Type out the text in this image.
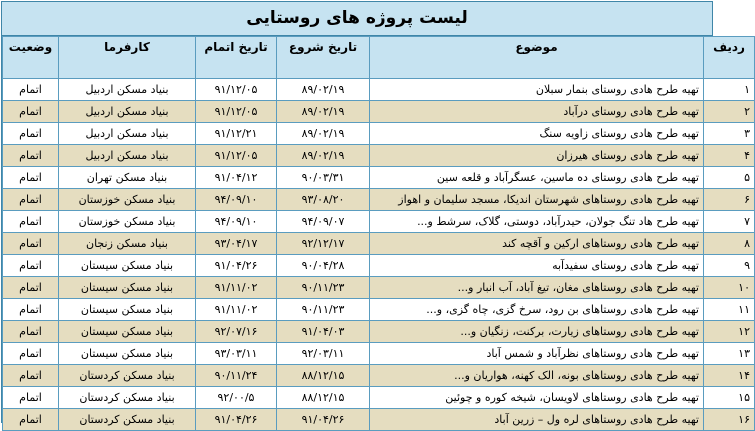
لیست پروژه های روستایی
ردیف	موضوع	تاریخ شروع	تاریخ اتمام	کارفرما	وضعیت
۱	تهیه طرح هادی روستای بنمار سبلان	۸۹/۰۲/۱۹	۹۱/۱۲/۰۵	بنیاد مسکن اردبیل	اتمام
۲	تهیه طرح هادی روستای درآباد	۸۹/۰۲/۱۹	۹۱/۱۲/۰۵	بنیاد مسکن اردبیل	اتمام
۳	تهیه طرح هادی روستای زاویه سنگ	۸۹/۰۲/۱۹	۹۱/۱۲/۲۱	بنیاد مسکن اردبیل	اتمام
۴	تهیه طرح هادی روستای هیرزان	۸۹/۰۲/۱۹	۹۱/۱۲/۰۵	بنیاد مسکن اردبیل	اتمام
۵	تهیه طرح هادی روستای ده ماسین، عسگرآباد و قلعه سین	۹۰/۰۳/۳۱	۹۱/۰۴/۱۲	بنیاد مسکن تهران	اتمام
۶	تهیه طرح هادی روستاهای شهرستان اندیکا، مسجد سلیمان و اهواز	۹۳/۰۸/۲۰	۹۴/۰۹/۱۰	بنیاد مسکن خوزستان	اتمام
۷	تهیه طرح هاد تنگ جولان، حیدرآباد، دوستی، گلاک، سرشط و...	۹۴/۰۹/۰۷	۹۴/۰۹/۱۰	بنیاد مسکن خوزستان	اتمام
۸	تهیه طرح هادی روستاهای ارکین و آقچه کند	۹۲/۱۲/۱۷	۹۳/۰۴/۱۷	بنیاد مسکن زنجان	اتمام
۹	تهیه طرح هادی روستای سفیدآبه	۹۰/۰۴/۲۸	۹۱/۰۴/۲۶	بنیاد مسکن سیستان	اتمام
۱۰	تهیه طرح هادی روستاهای مغان، تیغ آباد، آب انبار و...	۹۰/۱۱/۲۳	۹۱/۱۱/۰۲	بنیاد مسکن سیستان	اتمام
۱۱	تهیه طرح هادی روستاهای بن رود، سرخ گزی، چاه گزی، و...	۹۰/۱۱/۲۳	۹۱/۱۱/۰۲	بنیاد مسکن سیستان	اتمام
۱۲	تهیه طرح هادی روستاهای زیارت، برکنت، زنگیان و...	۹۱/۰۴/۰۳	۹۲/۰۷/۱۶	بنیاد مسکن سیستان	اتمام
۱۳	تهیه طرح هادی روستاهای نظرآباد و شمس آباد	۹۲/۰۳/۱۱	۹۳/۰۳/۱۱	بنیاد مسکن سیستان	اتمام
۱۴	تهیه طرح هادی روستاهای بونه، الک کهنه، هواریان و...	۸۸/۱۲/۱۵	۹۰/۱۱/۲۴	بنیاد مسکن کردستان	اتمام
۱۵	تهیه طرح هادی روستاهای لاویسان، شیخه کوره و چوئین	۸۸/۱۲/۱۵	۹۲/۰۰/۵	بنیاد مسکن کردستان	اتمام
۱۶	تهیه طرح هادی روستاهای لره ول – زرین آباد	۹۱/۰۴/۲۶	۹۱/۰۴/۲۶	بنیاد مسکن کردستان	اتمام
